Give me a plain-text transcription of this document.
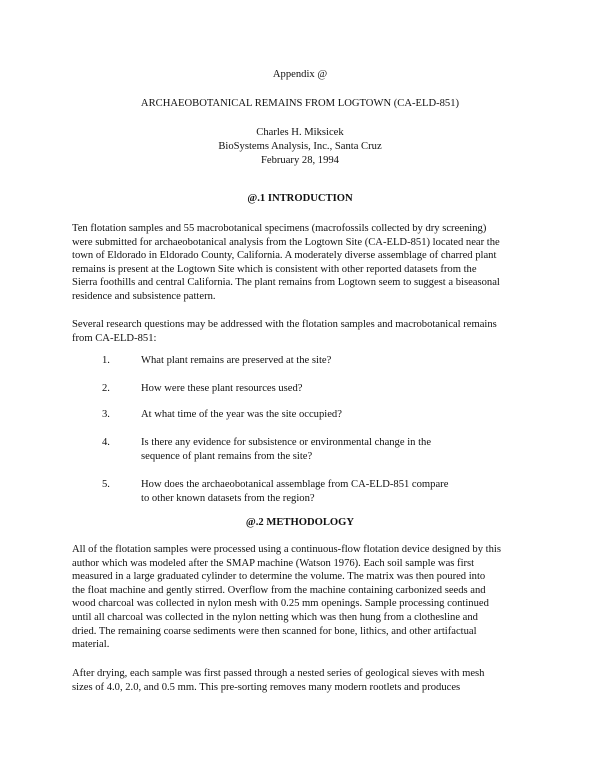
Appendix @
ARCHAEOBOTANICAL REMAINS FROM LOGTOWN (CA-ELD-851)
Charles H. Miksicek
BioSystems Analysis, Inc., Santa Cruz
February 28, 1994
@.1 INTRODUCTION
Ten flotation samples and 55 macrobotanical specimens (macrofossils collected by dry screening)
were submitted for archaeobotanical analysis from the Logtown Site (CA-ELD-851) located near the
town of Eldorado in Eldorado County, California. A moderately diverse assemblage of charred plant
remains is present at the Logtown Site which is consistent with other reported datasets from the
Sierra foothills and central California. The plant remains from Logtown seem to suggest a biseasonal
residence and subsistence pattern.
Several research questions may be addressed with the flotation samples and macrobotanical remains
from CA-ELD-851:
1.	What plant remains are preserved at the site?
2.	How were these plant resources used?
3.	At what time of the year was the site occupied?
4.	Is there any evidence for subsistence or environmental change in the
sequence of plant remains from the site?
5.	How does the archaeobotanical assemblage from CA-ELD-851 compare
to other known datasets from the region?
@.2 METHODOLOGY
All of the flotation samples were processed using a continuous-flow flotation device designed by this
author which was modeled after the SMAP machine (Watson 1976). Each soil sample was first
measured in a large graduated cylinder to determine the volume. The matrix was then poured into
the float machine and gently stirred. Overflow from the machine containing carbonized seeds and
wood charcoal was collected in nylon mesh with 0.25 mm openings. Sample processing continued
until all charcoal was collected in the nylon netting which was then hung from a clothesline and
dried. The remaining coarse sediments were then scanned for bone, lithics, and other artifactual
material.
After drying, each sample was first passed through a nested series of geological sieves with mesh
sizes of 4.0, 2.0, and 0.5 mm. This pre-sorting removes many modern rootlets and produces
